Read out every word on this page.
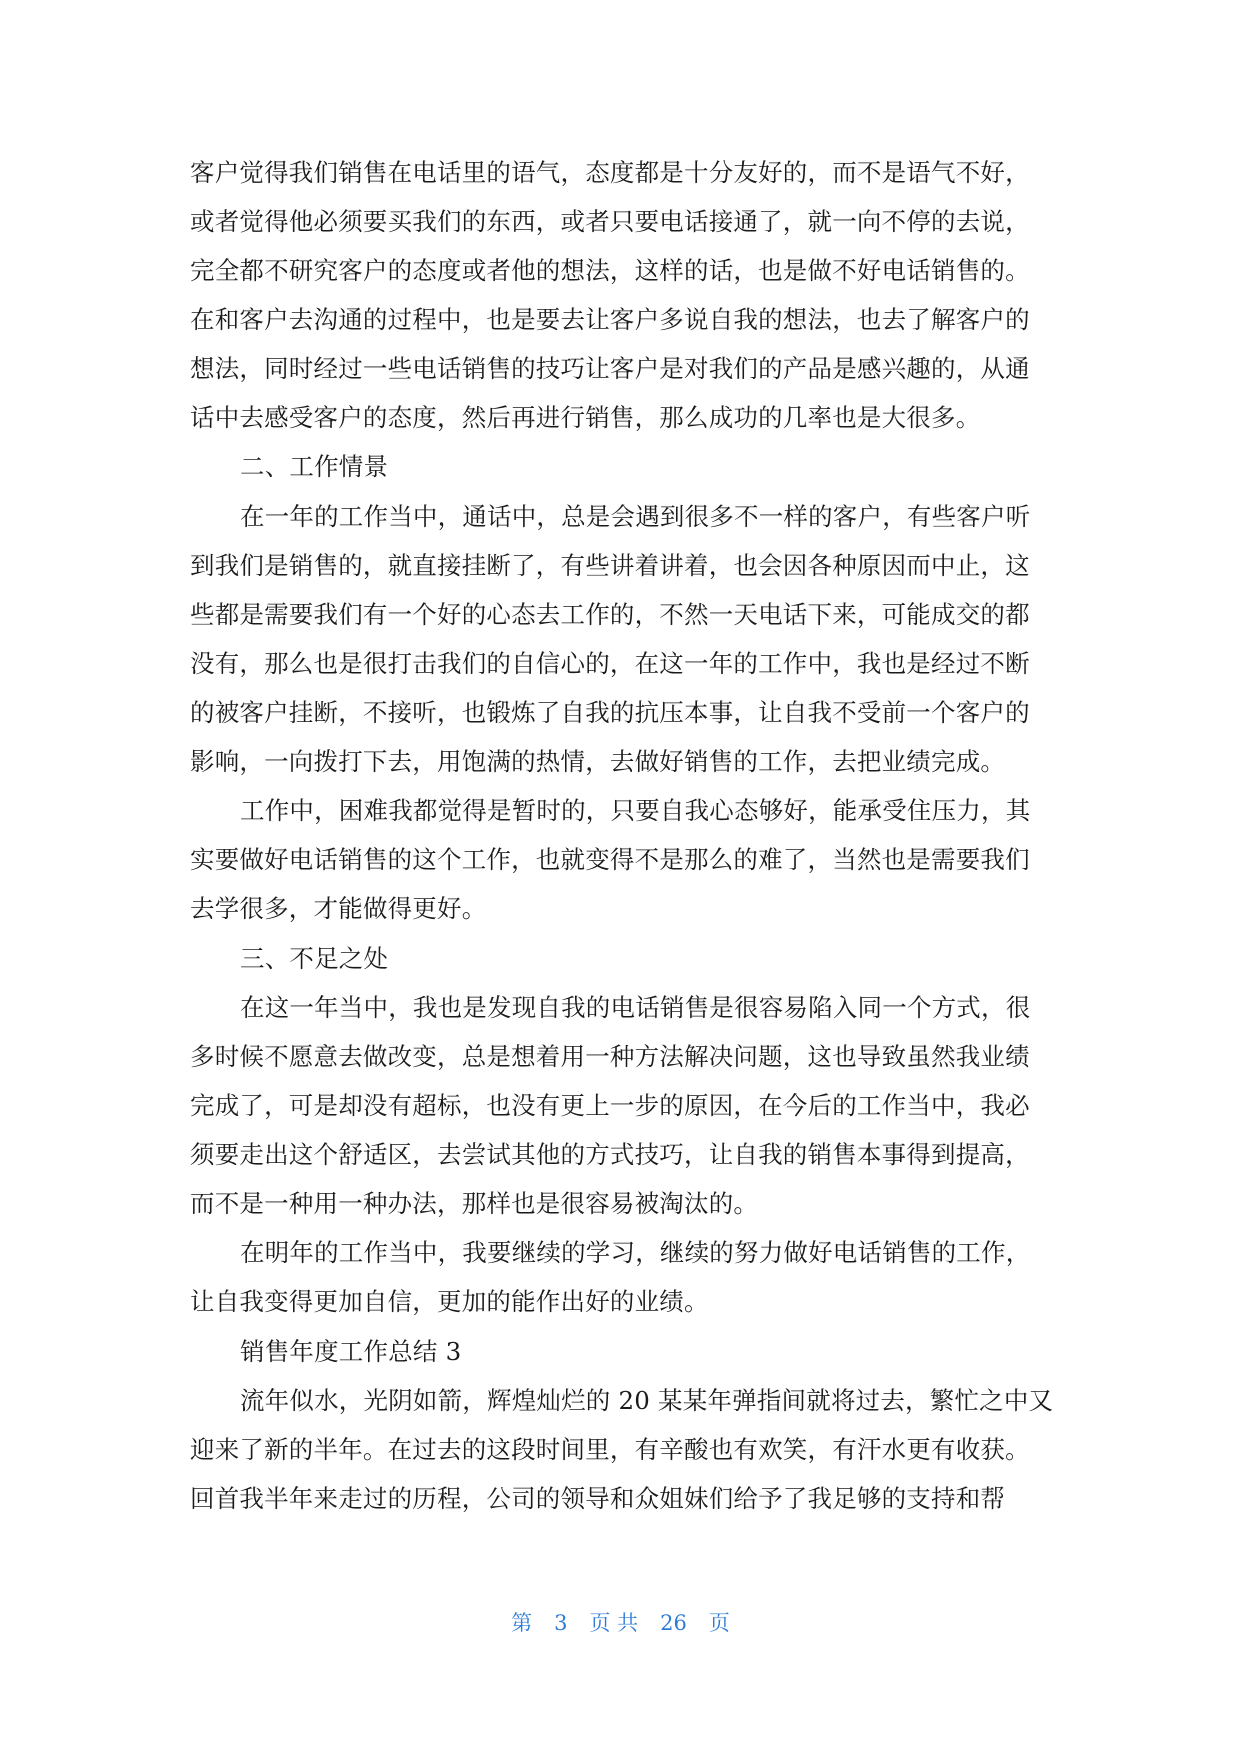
客户觉得我们销售在电话里的语气，态度都是十分友好的，而不是语气不好，
或者觉得他必须要买我们的东西，或者只要电话接通了，就一向不停的去说，
完全都不研究客户的态度或者他的想法，这样的话，也是做不好电话销售的。
在和客户去沟通的过程中，也是要去让客户多说自我的想法，也去了解客户的
想法，同时经过一些电话销售的技巧让客户是对我们的产品是感兴趣的，从通
话中去感受客户的态度，然后再进行销售，那么成功的几率也是大很多。
二、工作情景
在一年的工作当中，通话中，总是会遇到很多不一样的客户，有些客户听
到我们是销售的，就直接挂断了，有些讲着讲着，也会因各种原因而中止，这
些都是需要我们有一个好的心态去工作的，不然一天电话下来，可能成交的都
没有，那么也是很打击我们的自信心的，在这一年的工作中，我也是经过不断
的被客户挂断，不接听，也锻炼了自我的抗压本事，让自我不受前一个客户的
影响，一向拨打下去，用饱满的热情，去做好销售的工作，去把业绩完成。
工作中，困难我都觉得是暂时的，只要自我心态够好，能承受住压力，其
实要做好电话销售的这个工作，也就变得不是那么的难了，当然也是需要我们
去学很多，才能做得更好。
三、不足之处
在这一年当中，我也是发现自我的电话销售是很容易陷入同一个方式，很
多时候不愿意去做改变，总是想着用一种方法解决问题，这也导致虽然我业绩
完成了，可是却没有超标，也没有更上一步的原因，在今后的工作当中，我必
须要走出这个舒适区，去尝试其他的方式技巧，让自我的销售本事得到提高，
而不是一种用一种办法，那样也是很容易被淘汰的。
在明年的工作当中，我要继续的学习，继续的努力做好电话销售的工作，
让自我变得更加自信，更加的能作出好的业绩。
销售年度工作总结 3
流年似水，光阴如箭，辉煌灿烂的 20 某某年弹指间就将过去，繁忙之中又
迎来了新的半年。在过去的这段时间里，有辛酸也有欢笑，有汗水更有收获。
回首我半年来走过的历程，公司的领导和众姐妹们给予了我足够的支持和帮
第 3 页 共 26 页
